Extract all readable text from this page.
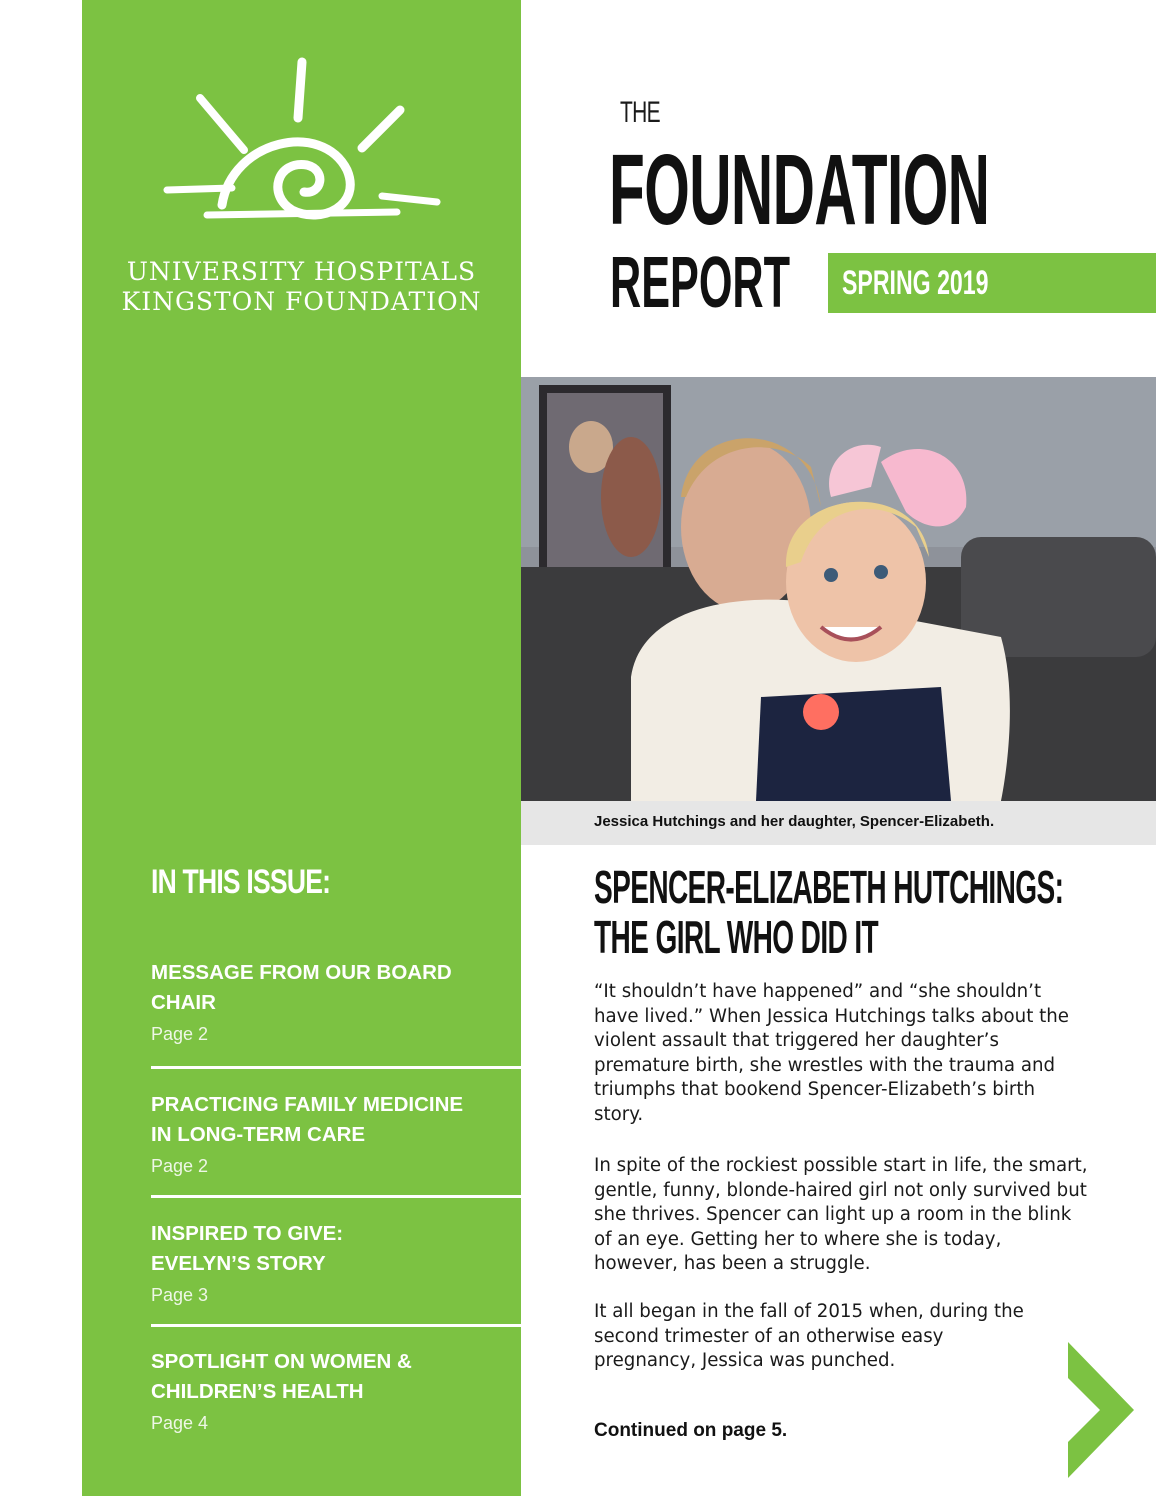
UNIVERSITY HOSPITALS
KINGSTON FOUNDATION
IN THIS ISSUE:
MESSAGE FROM OUR BOARD
CHAIR
Page 2
PRACTICING FAMILY MEDICINE
IN LONG-TERM CARE
Page 2
INSPIRED TO GIVE:
EVELYN’S STORY
Page 3
SPOTLIGHT ON WOMEN &
CHILDREN’S HEALTH
Page 4
THE
FOUNDATION
REPORT SPRING 2019
Jessica Hutchings and her daughter, Spencer-Elizabeth.
SPENCER-ELIZABETH HUTCHINGS:
THE GIRL WHO DID IT
“It shouldn’t have happened” and “she shouldn’t have lived.” When Jessica Hutchings talks about the violent assault that triggered her daughter’s premature birth, she wrestles with the trauma and triumphs that bookend Spencer-Elizabeth’s birth story.
In spite of the rockiest possible start in life, the smart, gentle, funny, blonde-haired girl not only survived but she thrives. Spencer can light up a room in the blink of an eye. Getting her to where she is today, however, has been a struggle.
It all began in the fall of 2015 when, during the second trimester of an otherwise easy pregnancy, Jessica was punched.
Continued on page 5.
